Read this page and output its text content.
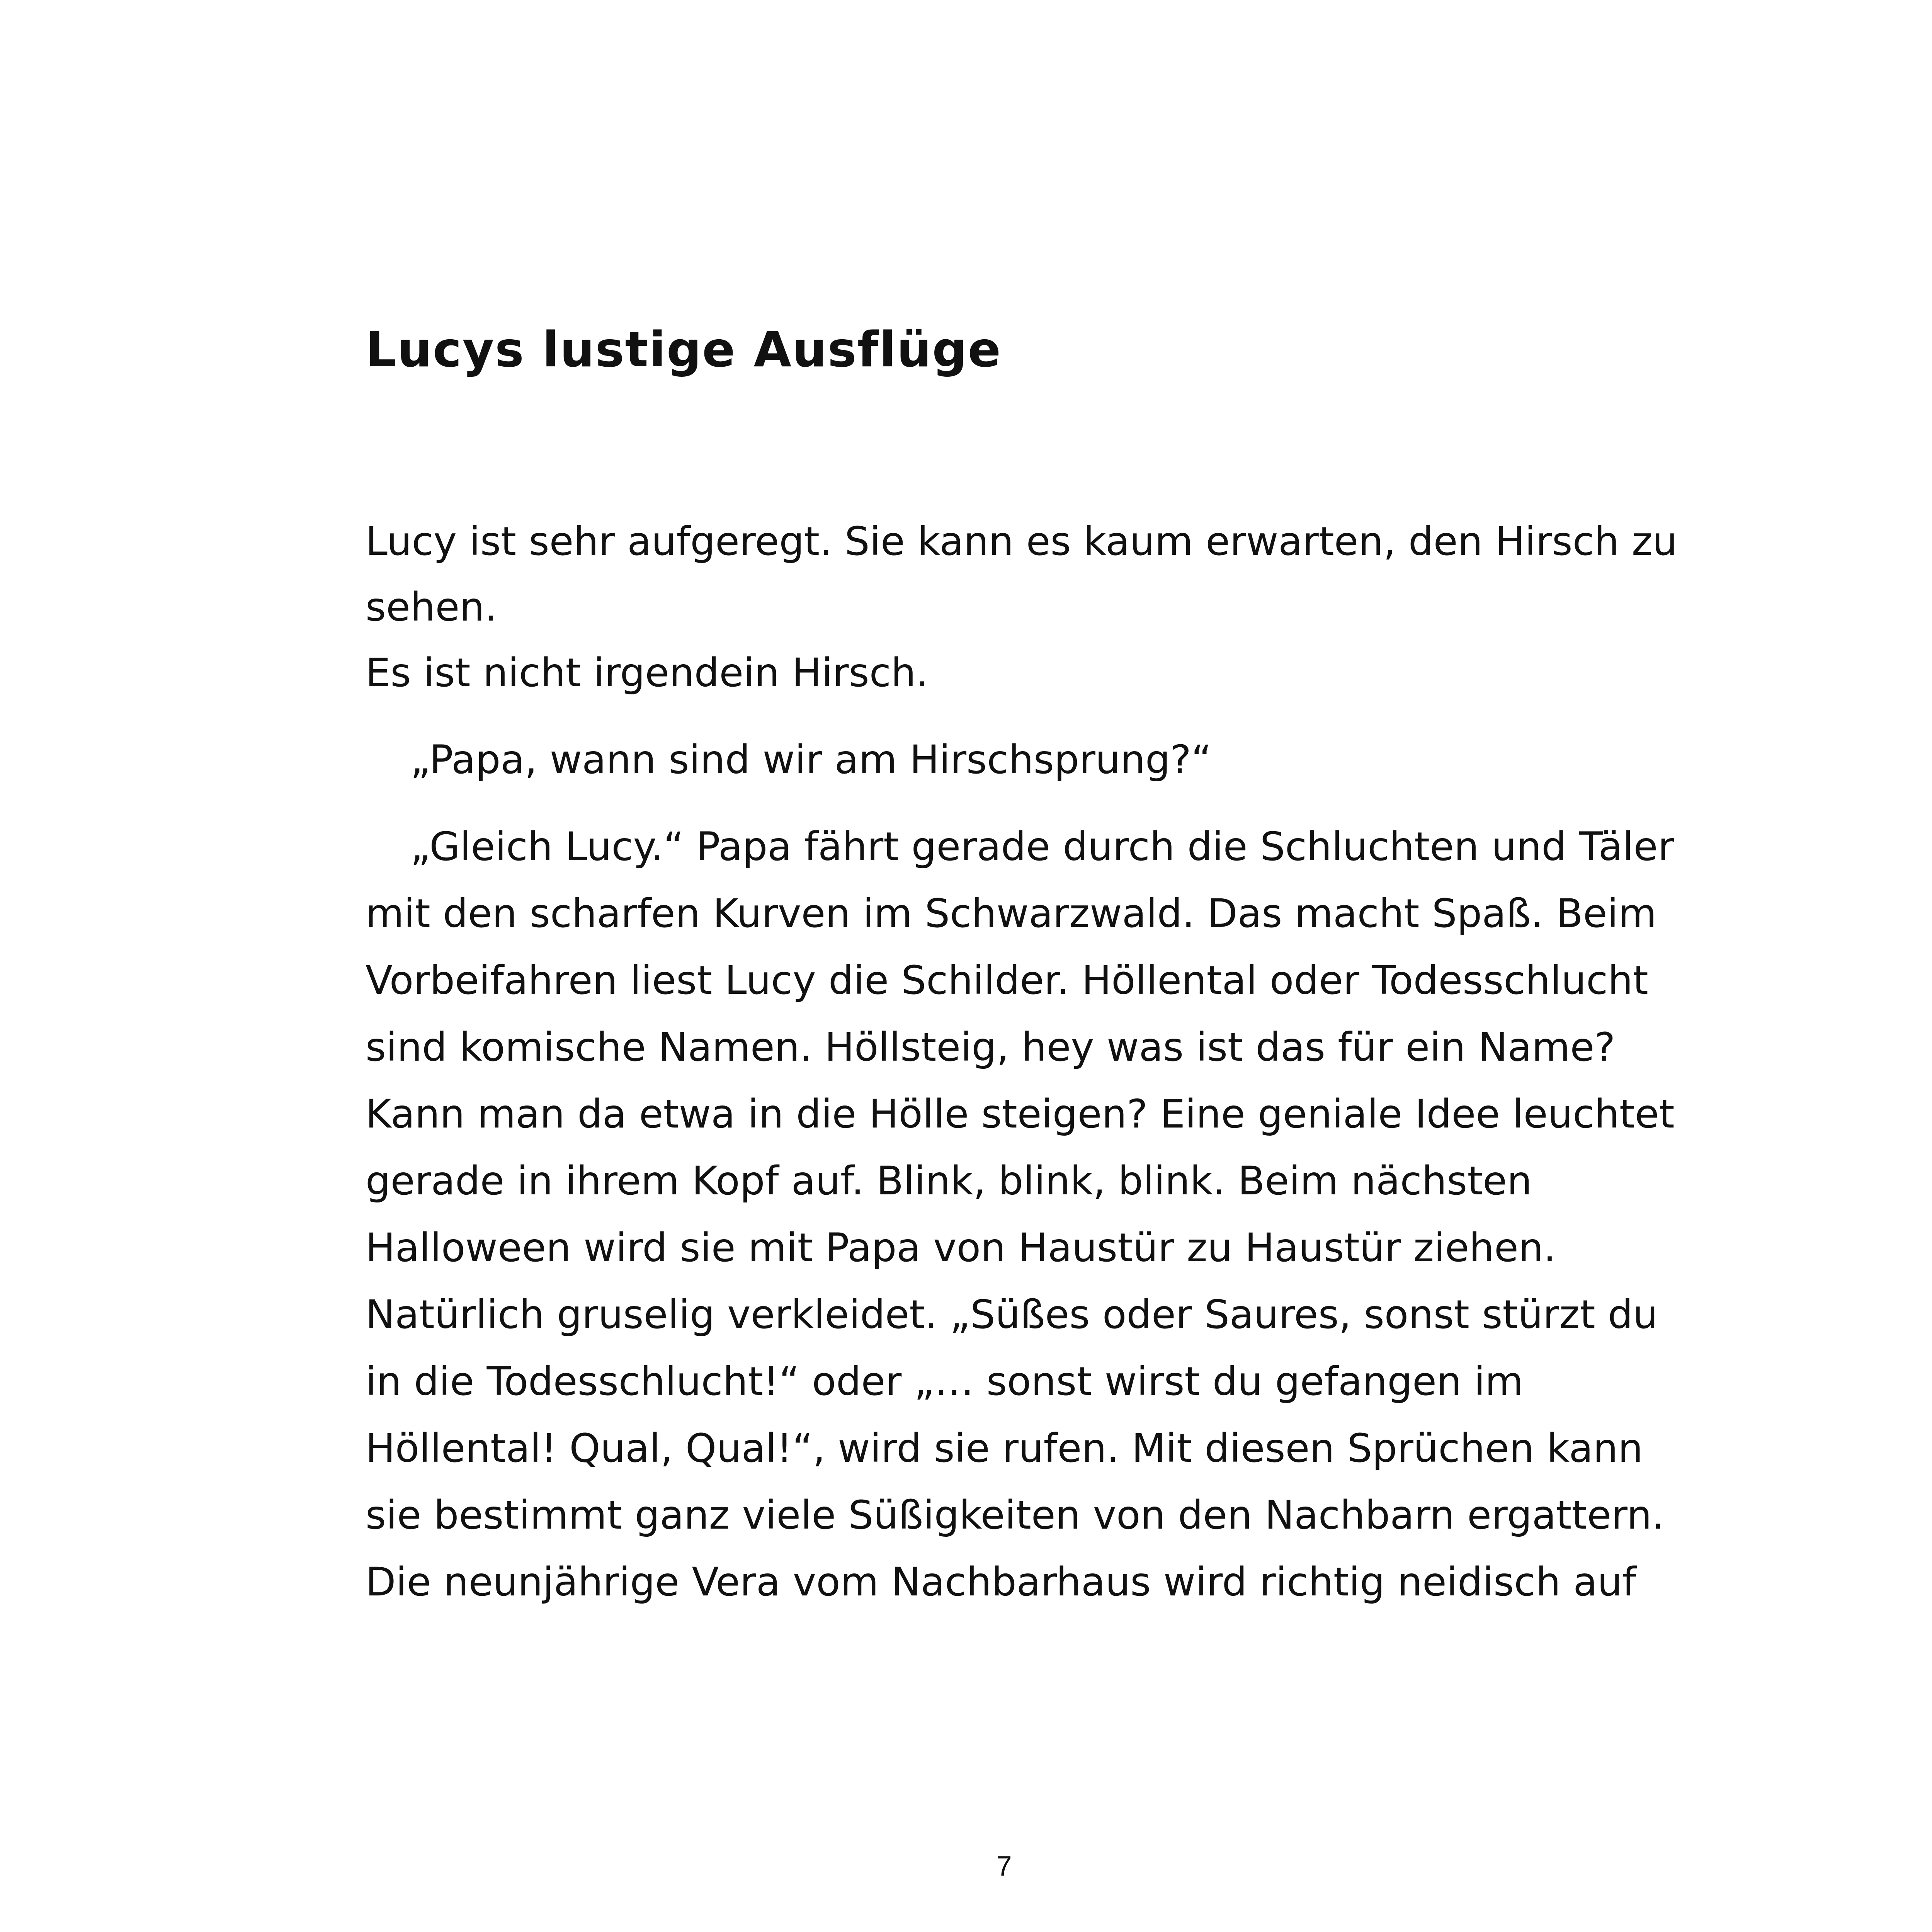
Lucys lustige Ausflüge

Lucy ist sehr aufgeregt. Sie kann es kaum erwarten, den Hirsch zu

sehen.

Es ist nicht irgendein Hirsch.

„Papa, wann sind wir am Hirschsprung?“

„Gleich Lucy.“ Papa fährt gerade durch die Schluchten und Täler

mit den scharfen Kurven im Schwarzwald. Das macht Spaß. Beim

Vorbeifahren liest Lucy die Schilder. Höllental oder Todesschlucht

sind komische Namen. Höllsteig, hey was ist das für ein Name?

Kann man da etwa in die Hölle steigen? Eine geniale Idee leuchtet

gerade in ihrem Kopf auf. Blink, blink, blink. Beim nächsten

Halloween wird sie mit Papa von Haustür zu Haustür ziehen.

Natürlich gruselig verkleidet. „Süßes oder Saures, sonst stürzt du

in die Todesschlucht!“ oder „… sonst wirst du gefangen im

Höllental! Qual, Qual!“, wird sie rufen. Mit diesen Sprüchen kann

sie bestimmt ganz viele Süßigkeiten von den Nachbarn ergattern.

Die neunjährige Vera vom Nachbarhaus wird richtig neidisch auf

7
